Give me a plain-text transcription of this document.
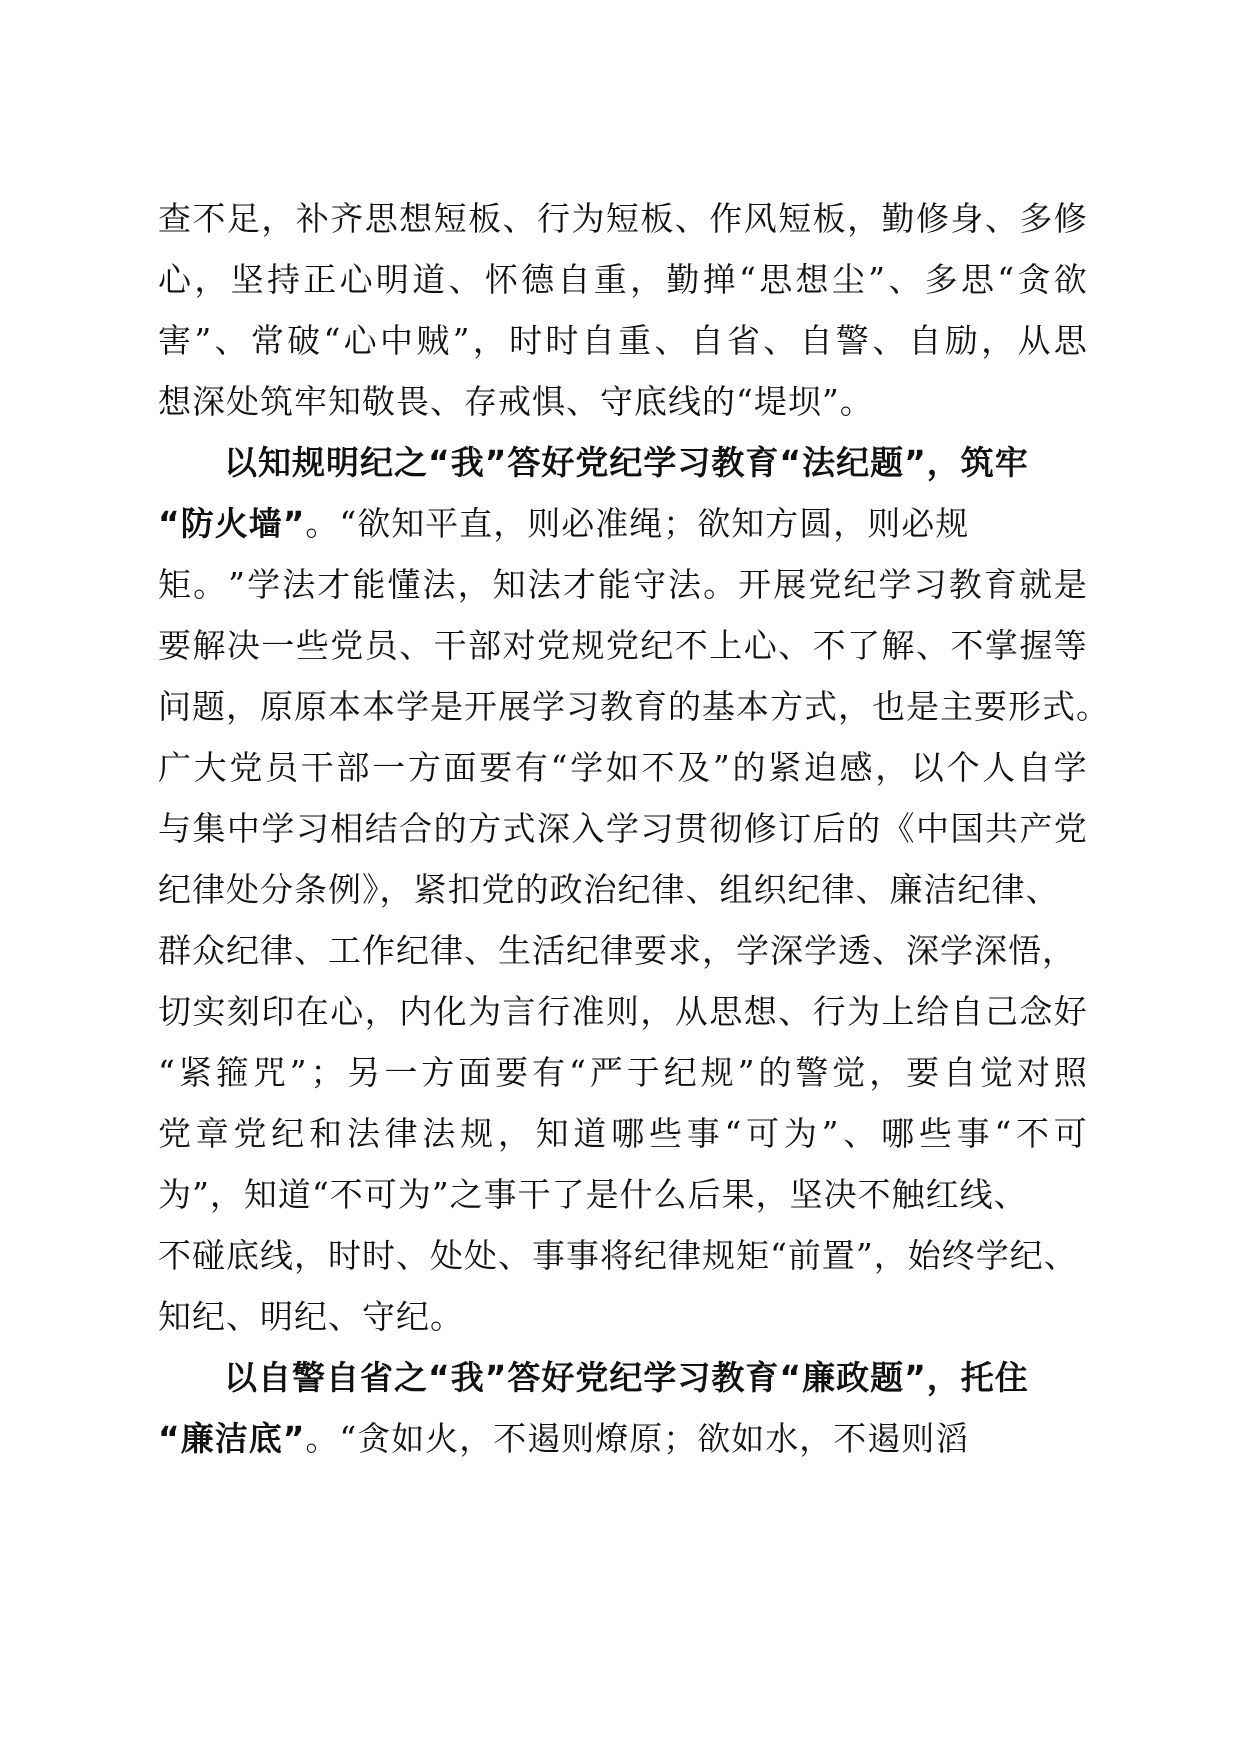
查 不 足 ， 补 齐 思 想 短 板 、 行 为 短 板 、 作 风 短 板 ， 勤 修 身 、 多 修
心 ， 坚 持 正 心 明 道 、 怀 德 自 重 ， 勤 掸 “ 思 想 尘 ” 、 多 思 “ 贪 欲
害 ” 、 常 破 “ 心 中 贼 ” ， 时 时 自 重 、 自 省 、 自 警 、 自 励 ， 从 思
想深处筑牢知敬畏、存戒惧、守底线的“堤坝”。
以知规明纪之“我”答好党纪学习教育“法纪题”，筑牢
“防火墙”。“欲知平直，则必准绳；欲知方圆，则必规
矩 。 ” 学 法 才 能 懂 法 ， 知 法 才 能 守 法 。 开 展 党 纪 学 习 教 育 就 是
要 解 决 一 些 党 员 、 干 部 对 党 规 党 纪 不 上 心 、 不 了 解 、 不 掌 握 等
问题，原原本本学是开展学习教育的基本方式，也是主要形式。
广 大 党 员 干 部 一 方 面 要 有 “ 学 如 不 及 ” 的 紧 迫 感 ， 以 个 人 自 学
与 集 中 学 习 相 结 合 的 方 式 深 入 学 习 贯 彻 修 订 后 的 《 中 国 共 产 党
纪律处分条例》，紧扣党的政治纪律、组织纪律、廉洁纪律、
群众纪律、工作纪律、生活纪律要求，学深学透、深学深悟，
切 实 刻 印 在 心 ， 内 化 为 言 行 准 则 ， 从 思 想 、 行 为 上 给 自 己 念 好
“ 紧 箍 咒 ” ； 另 一 方 面 要 有 “ 严 于 纪 规 ” 的 警 觉 ， 要 自 觉 对 照
党 章 党 纪 和 法 律 法 规 ， 知 道 哪 些 事 “ 可 为 ” 、 哪 些 事 “ 不 可
为”，知道“不可为”之事干了是什么后果，坚决不触红线、
不碰底线，时时、处处、事事将纪律规矩“前置”，始终学纪、
知纪、明纪、守纪。
以自警自省之“我”答好党纪学习教育“廉政题”，托住
“廉洁底”。“贪如火，不遏则燎原；欲如水，不遏则滔
